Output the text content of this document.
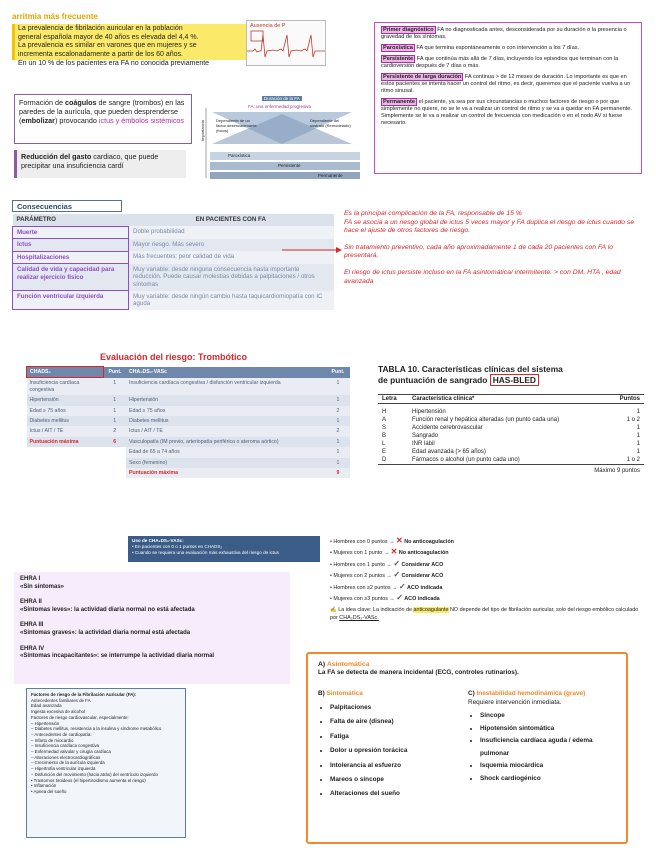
arritmia más frecuente
La prevalencia de fibrilación auricular en la población
general española mayor de 40 años es elevada del 4,4 %.
La prevalencia es similar en varones que en mujeres y se
incrementa escalonadamente a partir de los 60 años.
En un 10 % de los pacientes era FA no conocida previamente
Ausencia de P
Primer diagnóstico FA no diagnosticada antes, desconsiderada por su duración o la presencia o gravedad de los síntomas.
Paroxística FA que termina espontáneamente o con intervención a los 7 días.
Persistente FA que continúa más allá de 7 días, incluyendo los episodios que terminan con la cardioversión después de 7 días o más.
Persistente de larga duración FA continua > de 12 meses de duración. Lo importante es que en estos pacientes se intenta hacer un control del ritmo, es decir, queremos que el paciente vuelva a un ritmo sinusal.
Permanente el paciente, ya sea por sus circunstancias o muchos factores de riesgo o por que simplemente no quiere, no se le va a realizar un control de ritmo y se va a quedar en FA permanente. Simplemente se le va a realizar un control de frecuencia con medicación o en el nodo AV si fuese necesario.
Formación de coágulos de sangre (trombos) en las paredes de la aurícula, que pueden desprenderse (embolizar) provocando ictus y émbolos sistémicos
Reducción del gasto cardiaco, que puede precipitar una insuficiencia cardí
Duración de la FA
FA: una enfermedad progresiva
Dependiente de un factor desencadenante (focos)
Dependiente del sustrato (Remodelado)
Importancia
Paroxística
Persistente
Permanente
Consecuencias
PARÁMETRO	EN PACIENTES CON FA
Muerte	Doble probabilidad
Ictus	Mayor riesgo. Más severo
Hospitalizaciones	Más frecuentes; peor calidad de vida
Calidad de vida y capacidad para realizar ejercicio físico	Muy variable: desde ninguna consecuencia hasta importante reducción. Puede causar molestias debidas a palpitaciones / otros síntomas
Función ventricular izquierda	Muy variable: desde ningún cambio hasta taquicardiomiopatía con IC aguda
Es la principal complicación de la FA, responsable de 15 %
FA se asocia a un riesgo global de ictus 5 veces mayor y FA duplica el riesgo de ictus cuando se hace el ajuste de otros factores de riesgo.
Sin tratamiento preventivo, cada año aproximadamente 1 de cada 20 pacientes con FA lo presentará.
El riesgo de ictus persiste incluso en la FA asintomática/ intermitente. > con DM, HTA , edad avanzada
Evaluación del riesgo: Trombótico
CHADS₂	Punt.	CHA₂DS₂-VASc	Punt.
Insuficiencia cardíaca congestiva	1	Insuficiencia cardíaca congestiva / disfunción ventricular izquierda	1
Hipertensión	1	Hipertensión	1
Edad ≥ 75 años	1	Edad ≥ 75 años	2
Diabetes mellitus	1	Diabetes mellitus	1
Ictus / AIT / TE	2	Ictus / AIT / TE	2
Puntuación máxima	6	Vasculopatía (IM previo, arteriopatía periférica o ateroma aórtico)	1
		Edad de 65 a 74 años	1
		Sexo (femenino)	1
		Puntuación máxima	9
Uso de CHA₂DS₂-VASc:
• En pacientes con 0 o 1 puntos en CHADS₂
• Cuando se requiera una evaluación más exhaustiva del riesgo de ictus
TABLA 10. Características clínicas del sistema
de puntuación de sangrado HAS-BLED
Letra	Característica clínica*	Puntos

H	Hipertensión	1
A	Función renal y hepática alteradas (un punto cada una)	1 o 2
S	Accidente cerebrovascular	1
B	Sangrado	1
L	INR lábil	1
E	Edad avanzada (> 65 años)	1
D	Fármacos o alcohol (un punto cada uno)	1 o 2
Máximo 9 puntos		
• Hombres con 0 puntos → ✕ No anticoagulación
• Mujeres con 1 punto → ✕ No anticoagulación
• Hombres con 1 punto → ✓ Considerar ACO
• Mujeres con 2 puntos → ✓ Considerar ACO
• Hombres con ≥2 puntos → ✓ ACO indicada
• Mujeres con ≥3 puntos → ✓ ACO indicada
✍ La idea clave: La indicación de anticoagulante NO depende del tipo de fibrilación auricular, solo del riesgo embólico calculado por CHA₂DS₂-VASc.
EHRA I
«Sin síntomas»
EHRA II
«Síntomas leves»: la actividad diaria normal no está afectada
EHRA III
«Síntomas graves»: la actividad diaria normal está afectada
EHRA IV
«Síntomas incapacitantes»: se interrumpe la actividad diaria normal
Factores de riesgo de la Fibrilación Auricular (FA):
Antecedentes familiares de FA
Edad avanzada
Ingesta excesiva de alcohol
Factores de riesgo cardiovascular, especialmente:
– Hipertensión
– Diabetes mellitus, resistencia a la insulina y síndrome metabólico
– Antecedentes de cardiopatía:
– Infarto de miocardio
– Insuficiencia cardíaca congestiva
– Enfermedad valvular y cirugía cardíaca
– Alteraciones electrocardiográficas
– Crecimiento de la aurícula izquierda
– Hipertrofia ventricular izquierda
– Disfunción del movimiento (hacia atrás) del ventrículo izquierdo
• Trastornos tiroideos (el hipertiroidismo aumenta el riesgo)
• Inflamación
• Apnea del sueño
A) Asintomática
La FA se detecta de manera incidental (ECG, controles rutinarios).
B) Sintomática
• Palpitaciones
• Falta de aire (disnea)
• Fatiga
• Dolor u opresión torácica
• Intolerancia al esfuerzo
• Mareos o síncope
• Alteraciones del sueño
C) Inestabilidad hemodinámica (grave)
Requiere intervención inmediata.
• Síncope
• Hipotensión sintomática
• Insuficiencia cardíaca aguda / edema pulmonar
• Isquemia miocárdica
• Shock cardiogénico
